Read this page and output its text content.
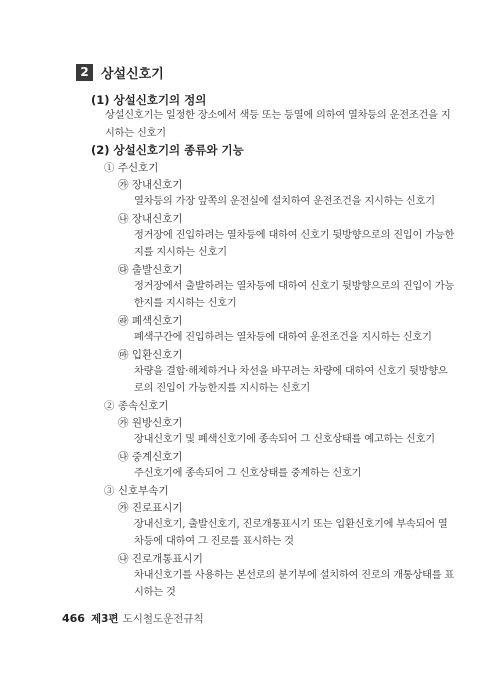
2 상설신호기
(1) 상설신호기의 정의
상설신호기는 일정한 장소에서 색등 또는 등열에 의하여 열차등의 운전조건을 지
시하는 신호기
(2) 상설신호기의 종류와 기능
① 주신호기
㉮ 장내신호기
열차등의 가장 앞쪽의 운전실에 설치하여 운전조건을 지시하는 신호기
㉯ 장내신호기
정거장에 진입하려는 열차등에 대하여 신호기 뒷방향으로의 진입이 가능한
지를 지시하는 신호기
㉰ 출발신호기
정거장에서 출발하려는 열차등에 대하여 신호기 뒷방향으로의 진입이 가능
한지를 지시하는 신호기
㉱ 폐색신호기
폐색구간에 진입하려는 열차등에 대하여 운전조건을 지시하는 신호기
㉲ 입환신호기
차량을 결합·해체하거나 차선을 바꾸려는 차량에 대하여 신호기 뒷방향으
로의 진입이 가능한지를 지시하는 신호기
② 종속신호기
㉮ 원방신호기
장내신호기 및 폐색신호기에 종속되어 그 신호상태를 예고하는 신호기
㉯ 중계신호기
주신호기에 종속되어 그 신호상태를 중계하는 신호기
③ 신호부속기
㉮ 진로표시기
장내신호기, 출발신호기, 진로개통표시기 또는 입환신호기에 부속되어 열
차등에 대하여 그 진로를 표시하는 것
㉯ 진로개통표시기
차내신호기를 사용하는 본선로의 분기부에 설치하여 진로의 개통상태를 표
시하는 것
466 제3편 도시철도운전규칙
